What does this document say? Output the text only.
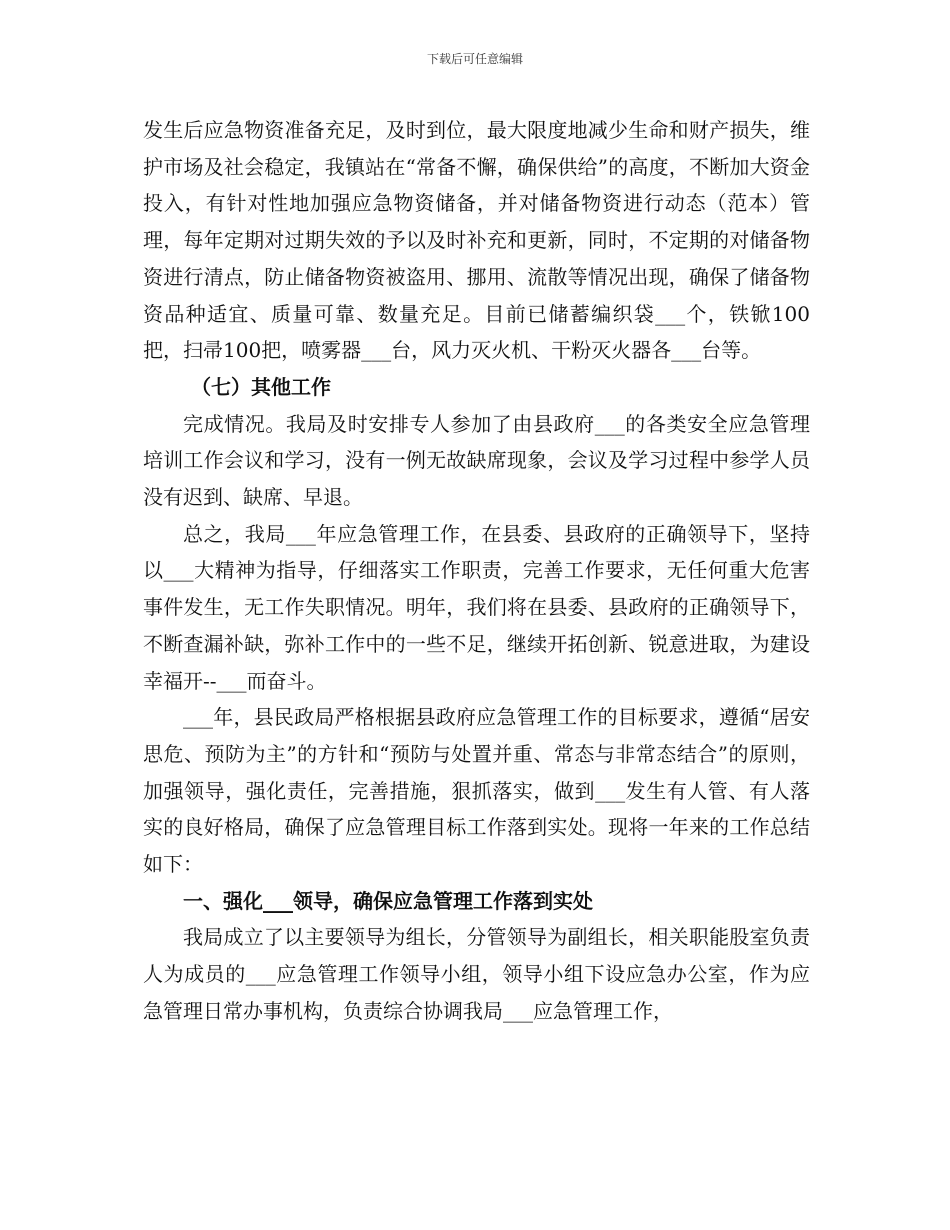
下载后可任意编辑

发生后应急物资准备充足，及时到位，最大限度地减少生命和财产损失，维护市场及社会稳定，我镇站在“常备不懈，确保供给”的高度，不断加大资金投入，有针对性地加强应急物资储备，并对储备物资进行动态（范本）管理，每年定期对过期失效的予以及时补充和更新，同时，不定期的对储备物资进行清点，防止储备物资被盗用、挪用、流散等情况出现，确保了储备物资品种适宜、质量可靠、数量充足。目前已储蓄编织袋___个，铁锨100把，扫帚100把，喷雾器___台，风力灭火机、干粉灭火器各___台等。

（七）其他工作

完成情况。我局及时安排专人参加了由县政府___的各类安全应急管理培训工作会议和学习，没有一例无故缺席现象，会议及学习过程中参学人员没有迟到、缺席、早退。

总之，我局___年应急管理工作，在县委、县政府的正确领导下，坚持以___大精神为指导，仔细落实工作职责，完善工作要求，无任何重大危害事件发生，无工作失职情况。明年，我们将在县委、县政府的正确领导下，不断查漏补缺，弥补工作中的一些不足，继续开拓创新、锐意进取，为建设幸福开--___而奋斗。

___年，县民政局严格根据县政府应急管理工作的目标要求，遵循“居安思危、预防为主”的方针和“预防与处置并重、常态与非常态结合”的原则，加强领导，强化责任，完善措施，狠抓落实，做到___发生有人管、有人落实的良好格局，确保了应急管理目标工作落到实处。现将一年来的工作总结如下：

一、强化___领导，确保应急管理工作落到实处

我局成立了以主要领导为组长，分管领导为副组长，相关职能股室负责人为成员的___应急管理工作领导小组，领导小组下设应急办公室，作为应急管理日常办事机构，负责综合协调我局___应急管理工作，
